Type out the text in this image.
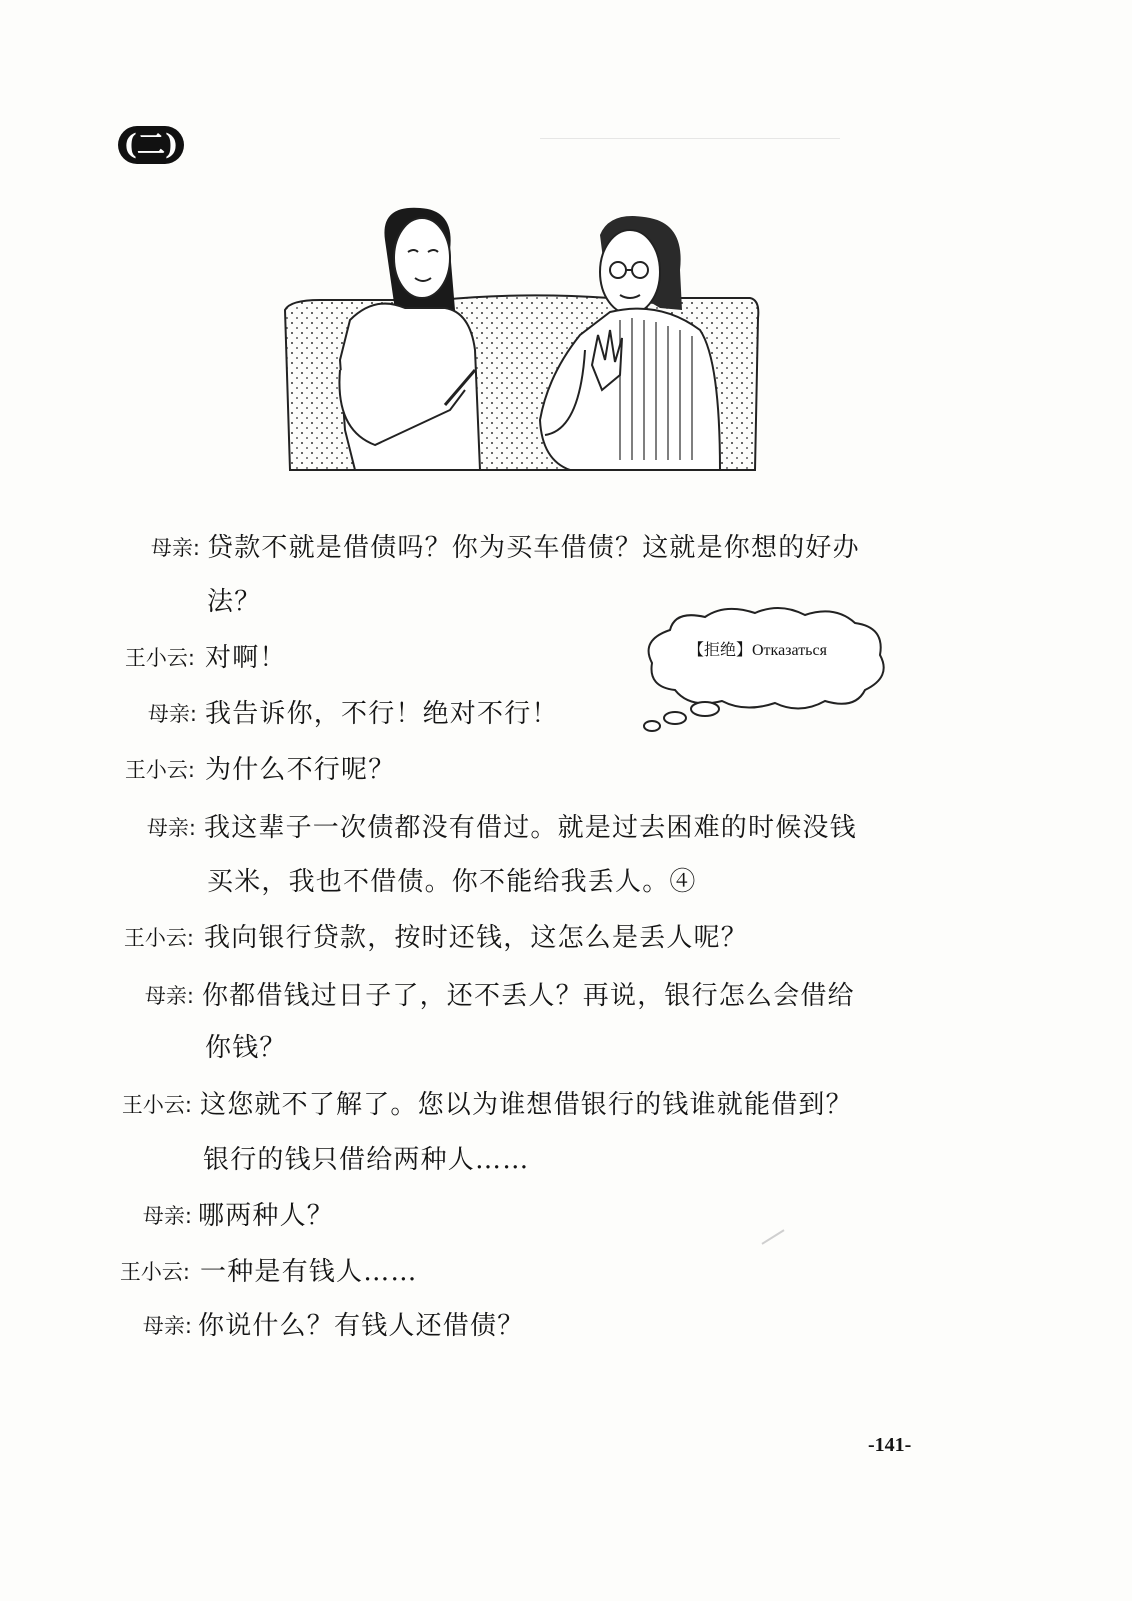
(二)
【拒绝】Отказаться
母亲: 贷款不就是借债吗？你为买车借债？这就是你想的好办
法？
王小云: 对啊！
母亲: 我告诉你，不行！绝对不行！
王小云: 为什么不行呢？
母亲: 我这辈子一次债都没有借过。就是过去困难的时候没钱
买米，我也不借债。你不能给我丢人。④
王小云: 我向银行贷款，按时还钱，这怎么是丢人呢？
母亲: 你都借钱过日子了，还不丢人？再说，银行怎么会借给
你钱？
王小云: 这您就不了解了。您以为谁想借银行的钱谁就能借到？
银行的钱只借给两种人……
母亲: 哪两种人？
王小云: 一种是有钱人……
母亲: 你说什么？有钱人还借债？
-141-
